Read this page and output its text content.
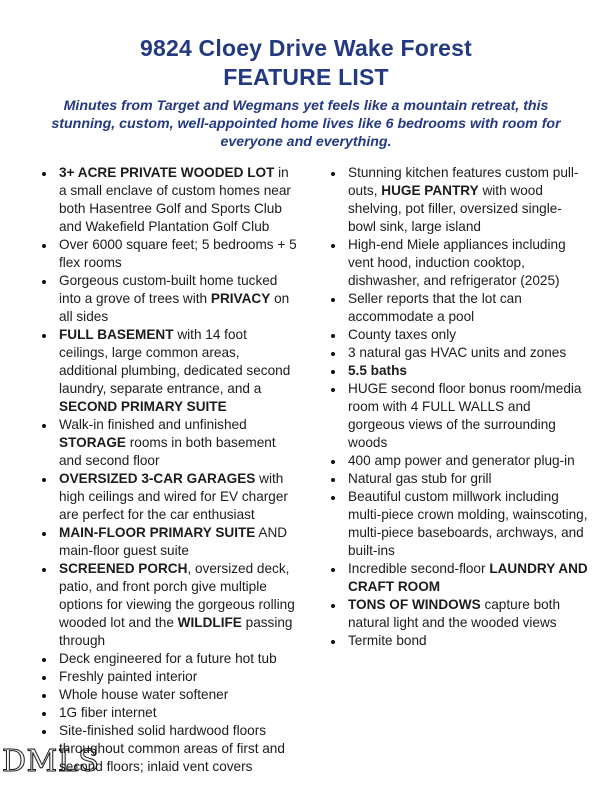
9824 Cloey Drive Wake Forest
FEATURE LIST

Minutes from Target and Wegmans yet feels like a mountain retreat, this stunning, custom, well-appointed home lives like 6 bedrooms with room for everyone and everything.

• 3+ ACRE PRIVATE WOODED LOT in a small enclave of custom homes near both Hasentree Golf and Sports Club and Wakefield Plantation Golf Club
• Over 6000 square feet; 5 bedrooms + 5 flex rooms
• Gorgeous custom-built home tucked into a grove of trees with PRIVACY on all sides
• FULL BASEMENT with 14 foot ceilings, large common areas, additional plumbing, dedicated second laundry, separate entrance, and a SECOND PRIMARY SUITE
• Walk-in finished and unfinished STORAGE rooms in both basement and second floor
• OVERSIZED 3-CAR GARAGES with high ceilings and wired for EV charger are perfect for the car enthusiast
• MAIN-FLOOR PRIMARY SUITE AND main-floor guest suite
• SCREENED PORCH, oversized deck, patio, and front porch give multiple options for viewing the gorgeous rolling wooded lot and the WILDLIFE passing through
• Deck engineered for a future hot tub
• Freshly painted interior
• Whole house water softener
• 1G fiber internet
• Site-finished solid hardwood floors throughout common areas of first and second floors; inlaid vent covers
• Stunning kitchen features custom pull-outs, HUGE PANTRY with wood shelving, pot filler, oversized single-bowl sink, large island
• High-end Miele appliances including vent hood, induction cooktop, dishwasher, and refrigerator (2025)
• Seller reports that the lot can accommodate a pool
• County taxes only
• 3 natural gas HVAC units and zones
• 5.5 baths
• HUGE second floor bonus room/media room with 4 FULL WALLS and gorgeous views of the surrounding woods
• 400 amp power and generator plug-in
• Natural gas stub for grill
• Beautiful custom millwork including multi-piece crown molding, wainscoting, multi-piece baseboards, archways, and built-ins
• Incredible second-floor LAUNDRY AND CRAFT ROOM
• TONS OF WINDOWS capture both natural light and the wooded views
• Termite bond
DMLS
